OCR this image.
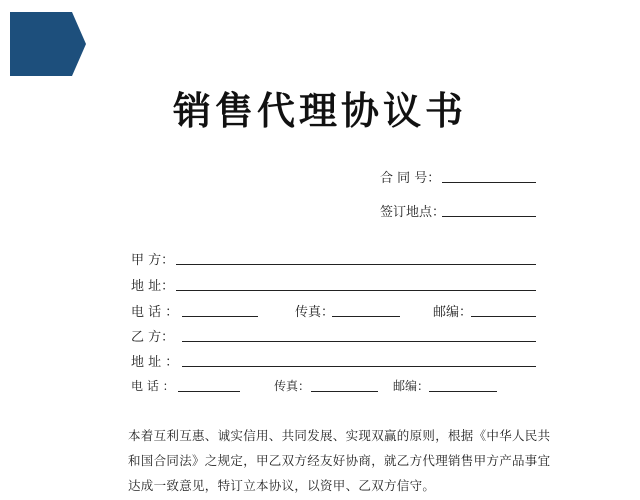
销售代理协议书
合 同 号：
签订地点：
甲 方：
地 址：
电 话 ：	传真：	邮编：
乙 方：
地 址 ：
电 话 ：	传真：	邮编：
本着互利互惠、诚实信用、共同发展、实现双赢的原则，根据《中华人民共
和国合同法》之规定，甲乙双方经友好协商，就乙方代理销售甲方产品事宜
达成一致意见，特订立本协议，以资甲、乙双方信守。
